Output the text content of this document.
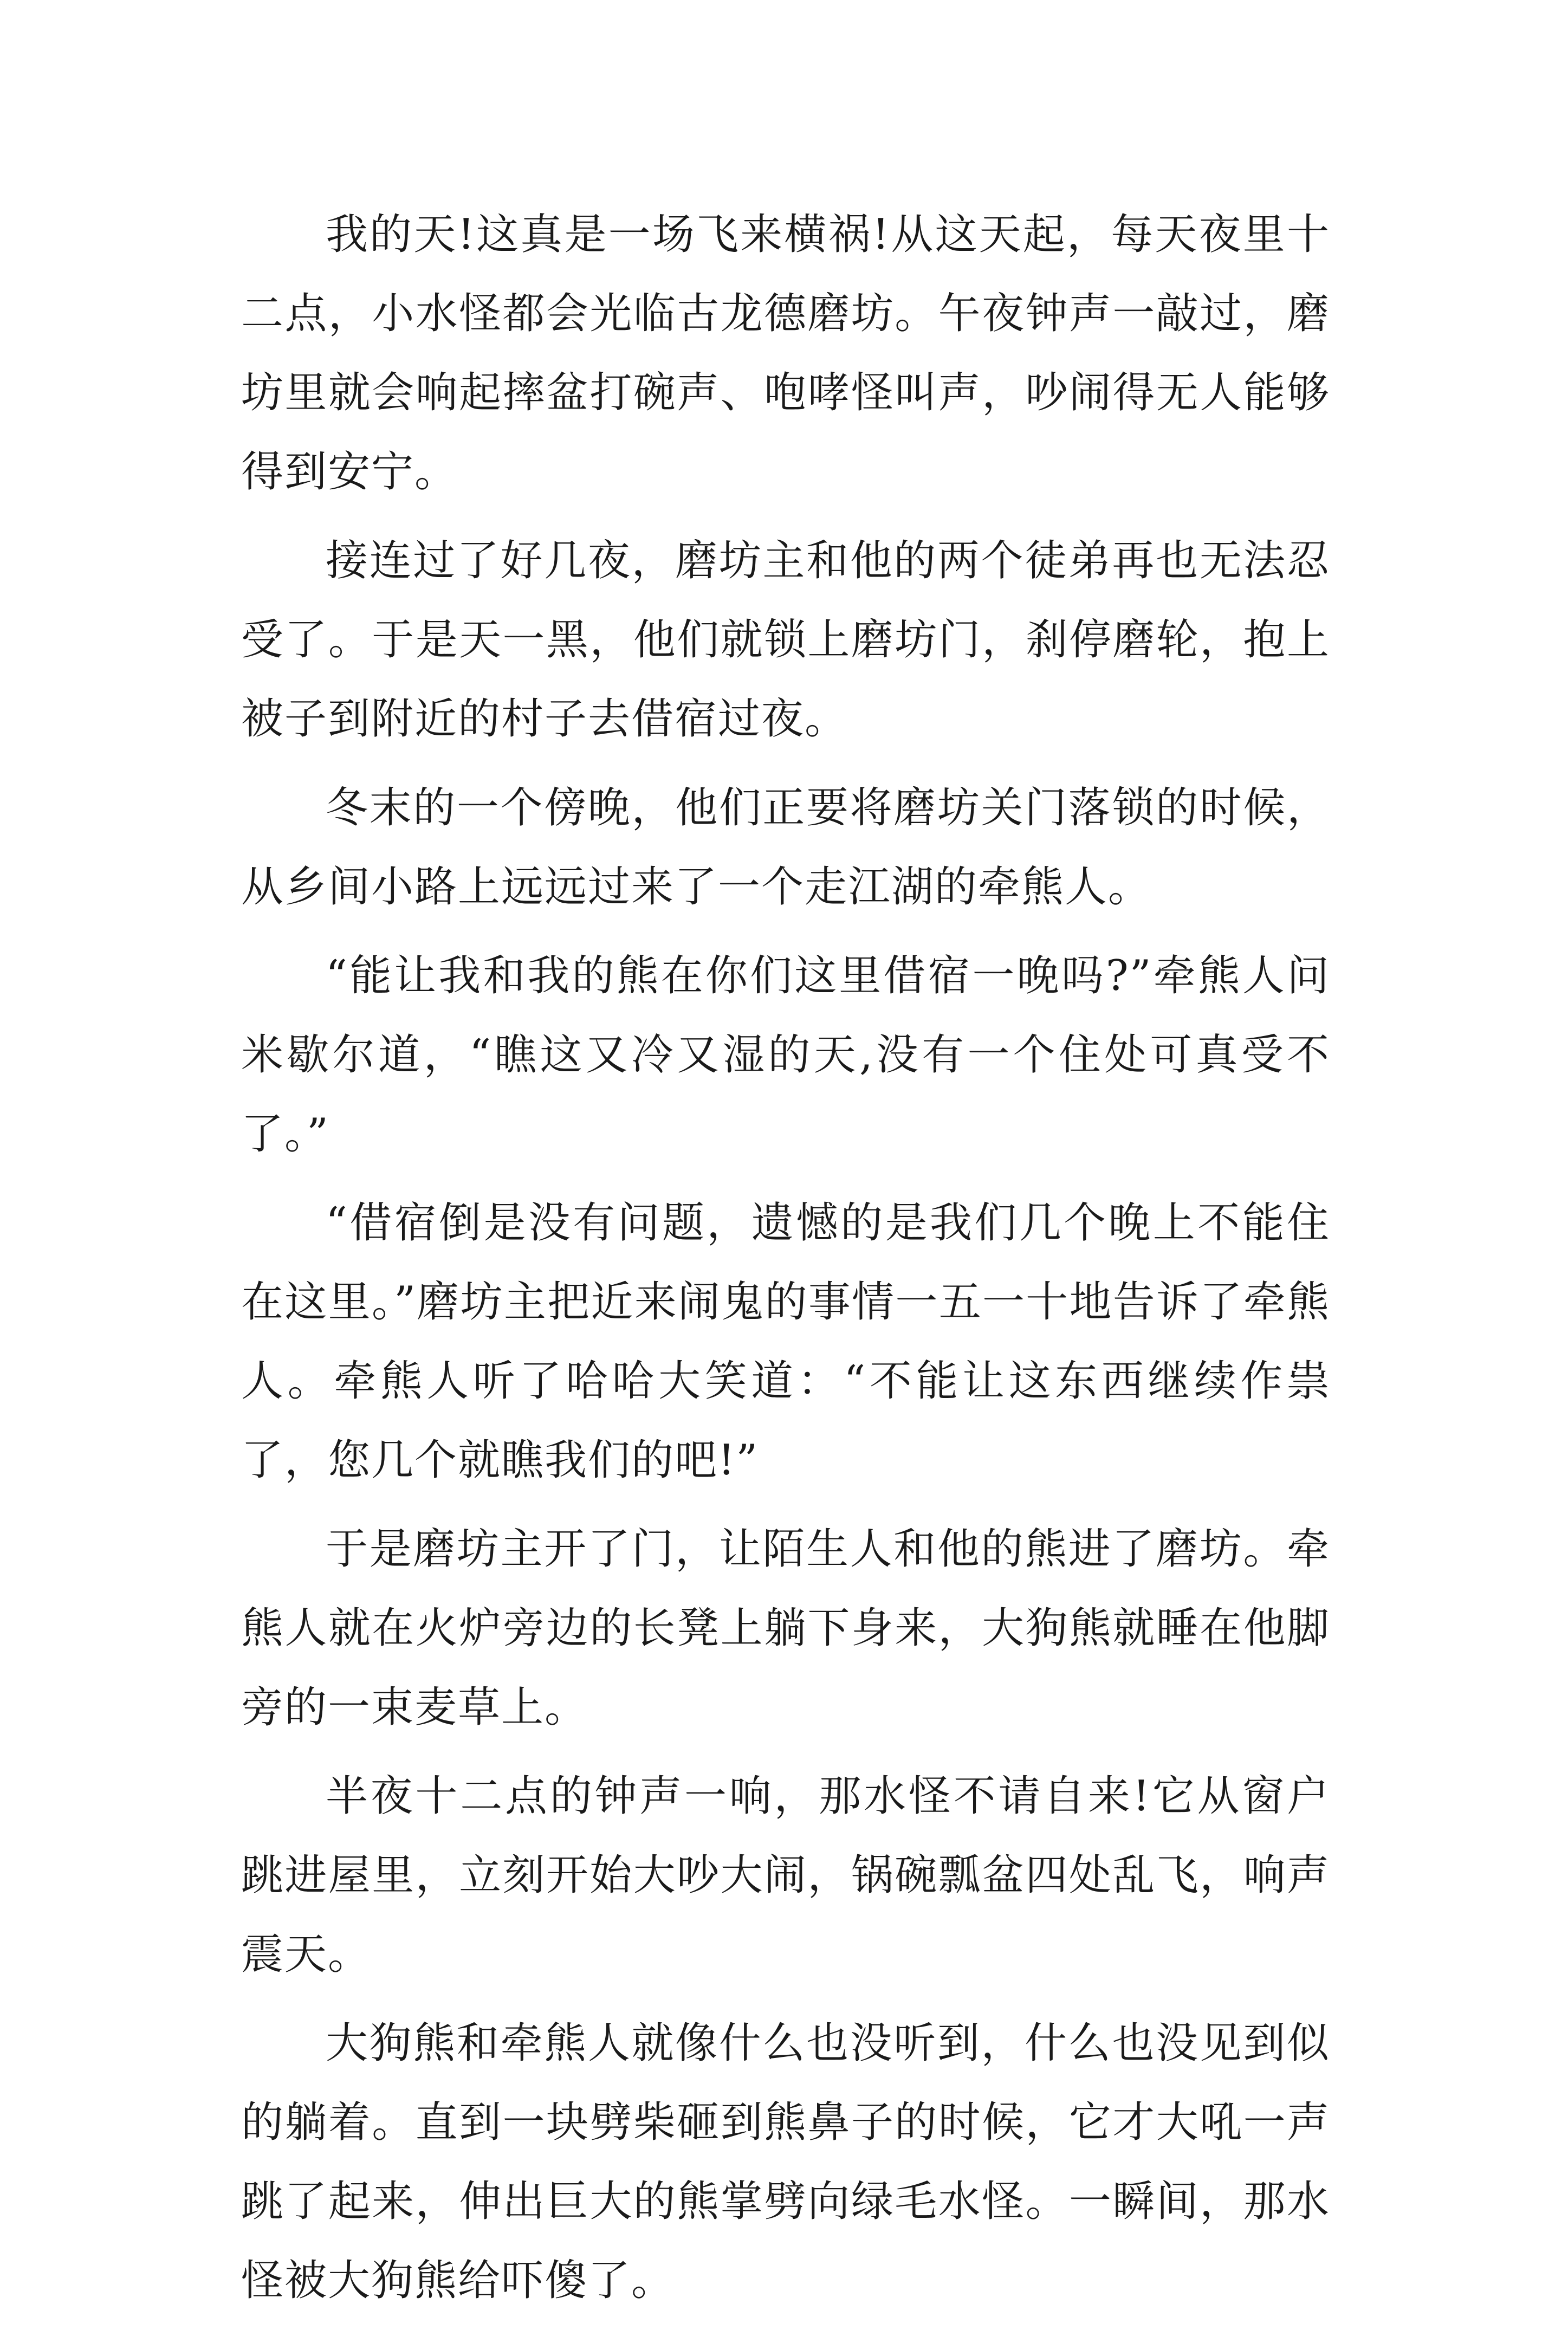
我的天!这真是一场飞来横祸!从这天起，每天夜里十二点，小水怪都会光临古龙德磨坊。午夜钟声一敲过，磨坊里就会响起摔盆打碗声、咆哮怪叫声，吵闹得无人能够得到安宁。

接连过了好几夜，磨坊主和他的两个徒弟再也无法忍受了。于是天一黑，他们就锁上磨坊门，刹停磨轮，抱上被子到附近的村子去借宿过夜。

冬末的一个傍晚，他们正要将磨坊关门落锁的时候，从乡间小路上远远过来了一个走江湖的牵熊人。

“能让我和我的熊在你们这里借宿一晚吗?”牵熊人问米歇尔道，“瞧这又冷又湿的天,没有一个住处可真受不了。”

“借宿倒是没有问题，遗憾的是我们几个晚上不能住在这里。”磨坊主把近来闹鬼的事情一五一十地告诉了牵熊人。牵熊人听了哈哈大笑道：“不能让这东西继续作祟了，您几个就瞧我们的吧!”

于是磨坊主开了门，让陌生人和他的熊进了磨坊。牵熊人就在火炉旁边的长凳上躺下身来，大狗熊就睡在他脚旁的一束麦草上。

半夜十二点的钟声一响，那水怪不请自来!它从窗户跳进屋里，立刻开始大吵大闹，锅碗瓢盆四处乱飞，响声震天。

大狗熊和牵熊人就像什么也没听到，什么也没见到似的躺着。直到一块劈柴砸到熊鼻子的时候，它才大吼一声跳了起来，伸出巨大的熊掌劈向绿毛水怪。一瞬间，那水怪被大狗熊给吓傻了。
